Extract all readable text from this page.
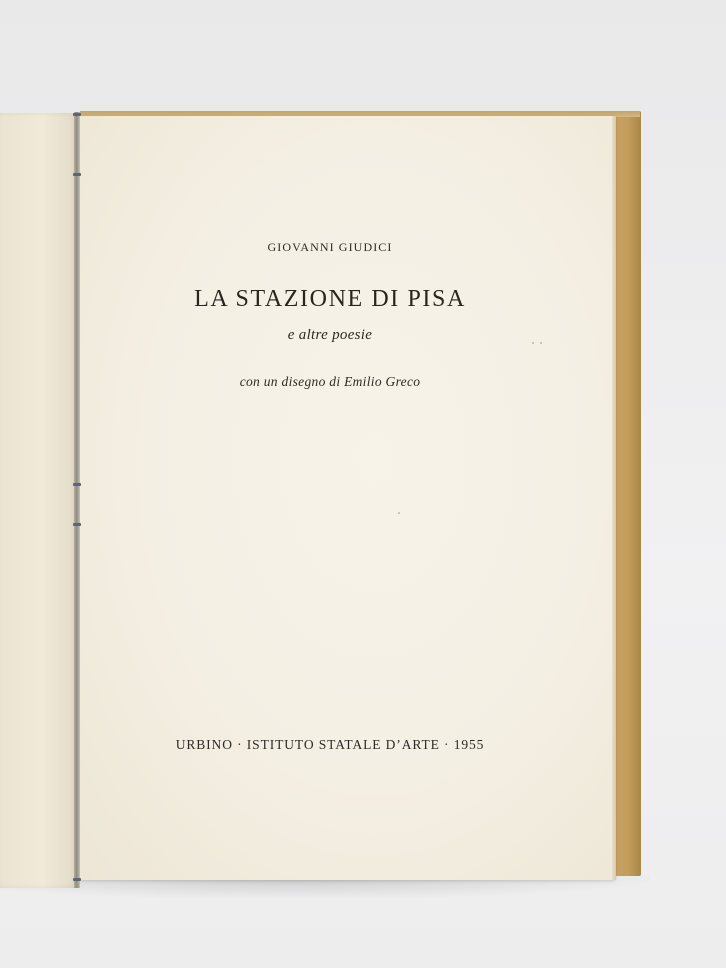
GIOVANNI GIUDICI
LA STAZIONE DI PISA
e altre poesie
con un disegno di Emilio Greco
URBINO · ISTITUTO STATALE D’ARTE · 1955
